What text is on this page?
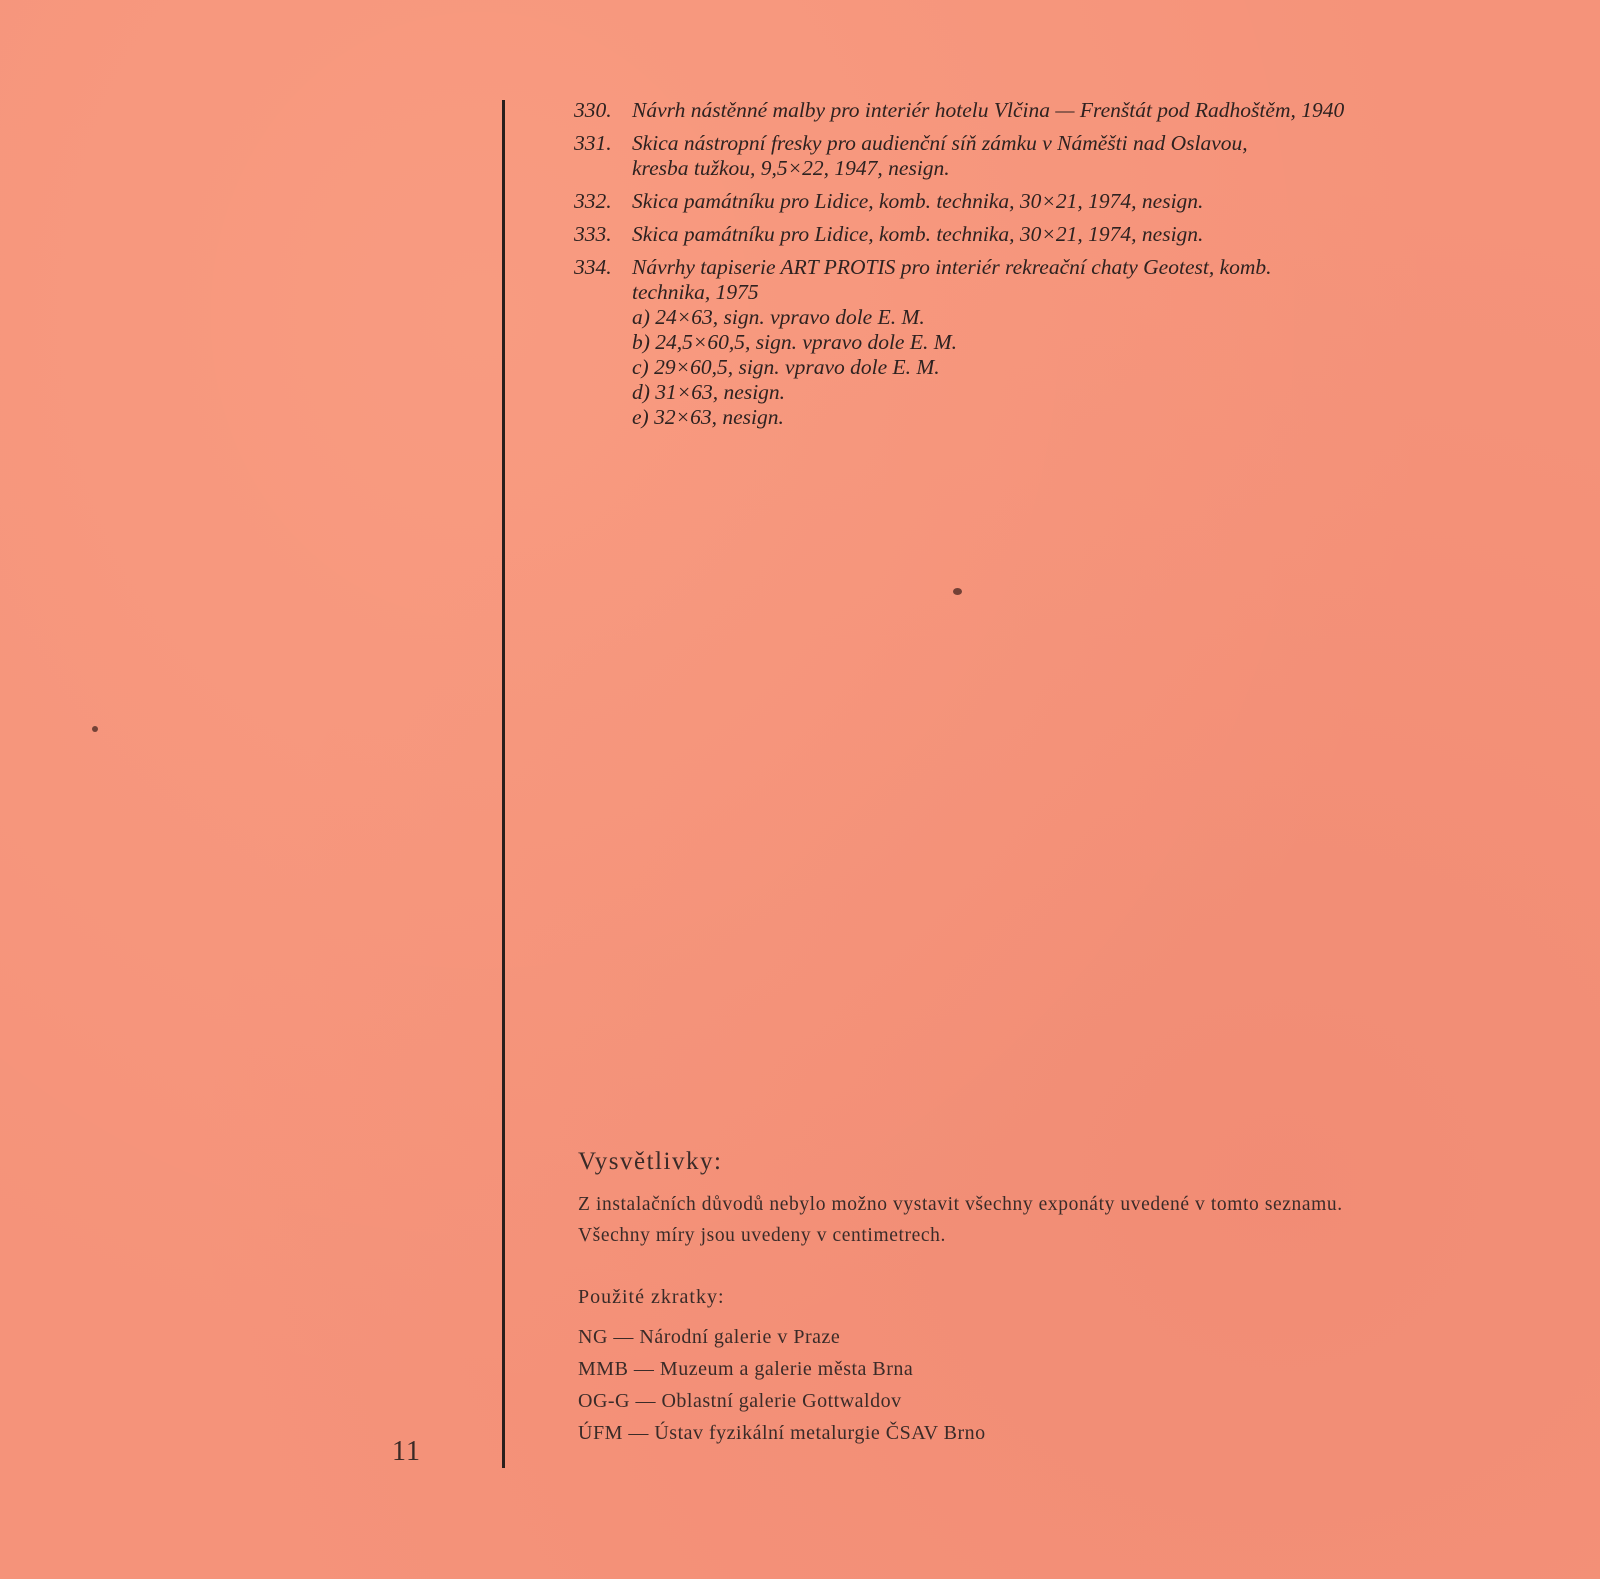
11
330. Návrh nástěnné malby pro interiér hotelu Vlčina — Frenštát pod Radhoštěm, 1940
331. Skica nástropní fresky pro audienční síň zámku v Náměšti nad Oslavou,
kresba tužkou, 9,5×22, 1947, nesign.
332. Skica památníku pro Lidice, komb. technika, 30×21, 1974, nesign.
333. Skica památníku pro Lidice, komb. technika, 30×21, 1974, nesign.
334. Návrhy tapiserie ART PROTIS pro interiér rekreační chaty Geotest, komb.
technika, 1975
a) 24×63, sign. vpravo dole E. M.
b) 24,5×60,5, sign. vpravo dole E. M.
c) 29×60,5, sign. vpravo dole E. M.
d) 31×63, nesign.
e) 32×63, nesign.
Vysvětlivky:

Z instalačních důvodů nebylo možno vystavit všechny exponáty uvedené v tomto seznamu.

Všechny míry jsou uvedeny v centimetrech.

Použité zkratky:
NG — Národní galerie v Praze
MMB — Muzeum a galerie města Brna
OG-G — Oblastní galerie Gottwaldov
ÚFM — Ústav fyzikální metalurgie ČSAV Brno
